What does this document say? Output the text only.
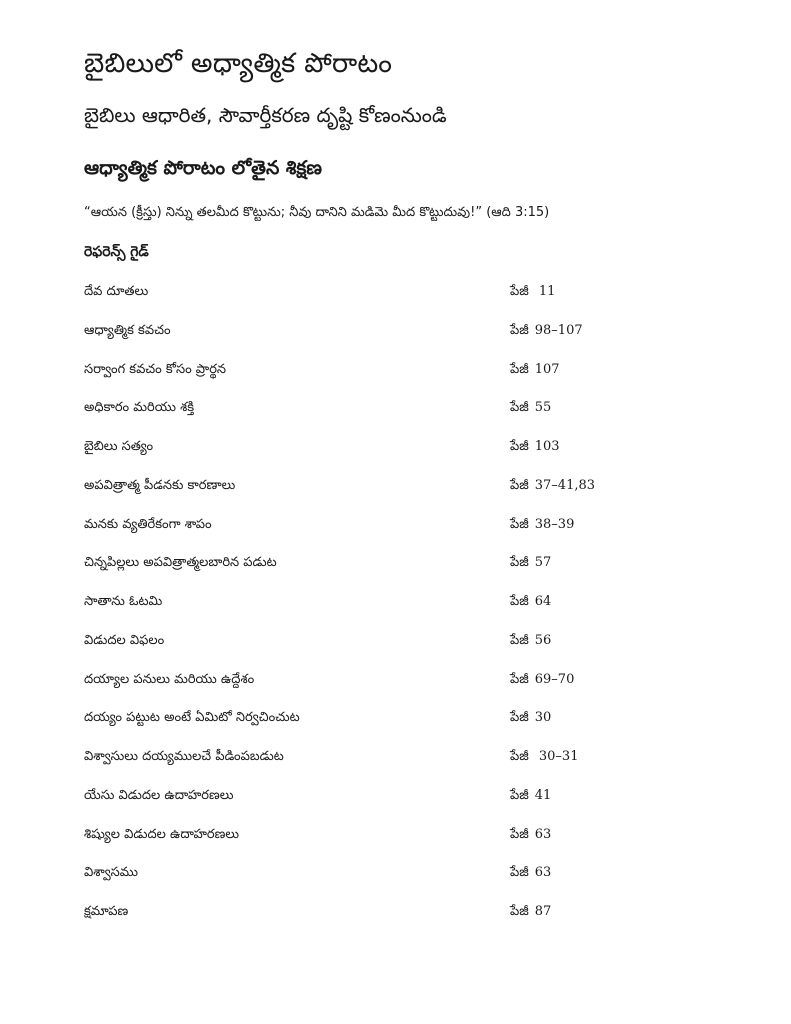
బైబిలులో అధ్యాత్మిక పోరాటం
బైబిలు ఆధారిత, సౌవార్తీకరణ దృష్టి కోణంనుండి
ఆధ్యాత్మిక పోరాటం లోతైన శిక్షణ

“ఆయన (క్రీస్తు) నిన్ను తలమీద కొట్టును; నీవు దానిని మడిమె మీద కొట్టుదువు!” (ఆది 3:15)

రెఫరెన్స్ గైడ్
దేవ దూతలు	పేజీ 11
ఆధ్యాత్మిక కవచం	పేజీ 98–107
సర్వాంగ కవచం కోసం ప్రార్థన	పేజీ 107
అధికారం మరియు శక్తి	పేజీ 55
బైబిలు సత్యం	పేజీ 103
అపవిత్రాత్మ పీడనకు కారణాలు	పేజీ 37–41,83
మనకు వ్యతిరేకంగా శాపం	పేజీ 38–39
చిన్నపిల్లలు అపవిత్రాత్మలబారిన పడుట	పేజీ 57
సాతాను ఓటమి	పేజీ 64
విడుదల విఫలం	పేజీ 56
దయ్యాల పనులు మరియు ఉద్దేశం	పేజీ 69–70
దయ్యం పట్టుట అంటే ఏమిటో నిర్వచించుట	పేజీ 30
విశ్వాసులు దయ్యములచే పీడింపబడుట	పేజీ 30–31
యేసు విడుదల ఉదాహరణలు	పేజీ 41
శిష్యుల విడుదల ఉదాహరణలు	పేజీ 63
విశ్వాసము	పేజీ 63
క్షమాపణ	పేజీ 87
